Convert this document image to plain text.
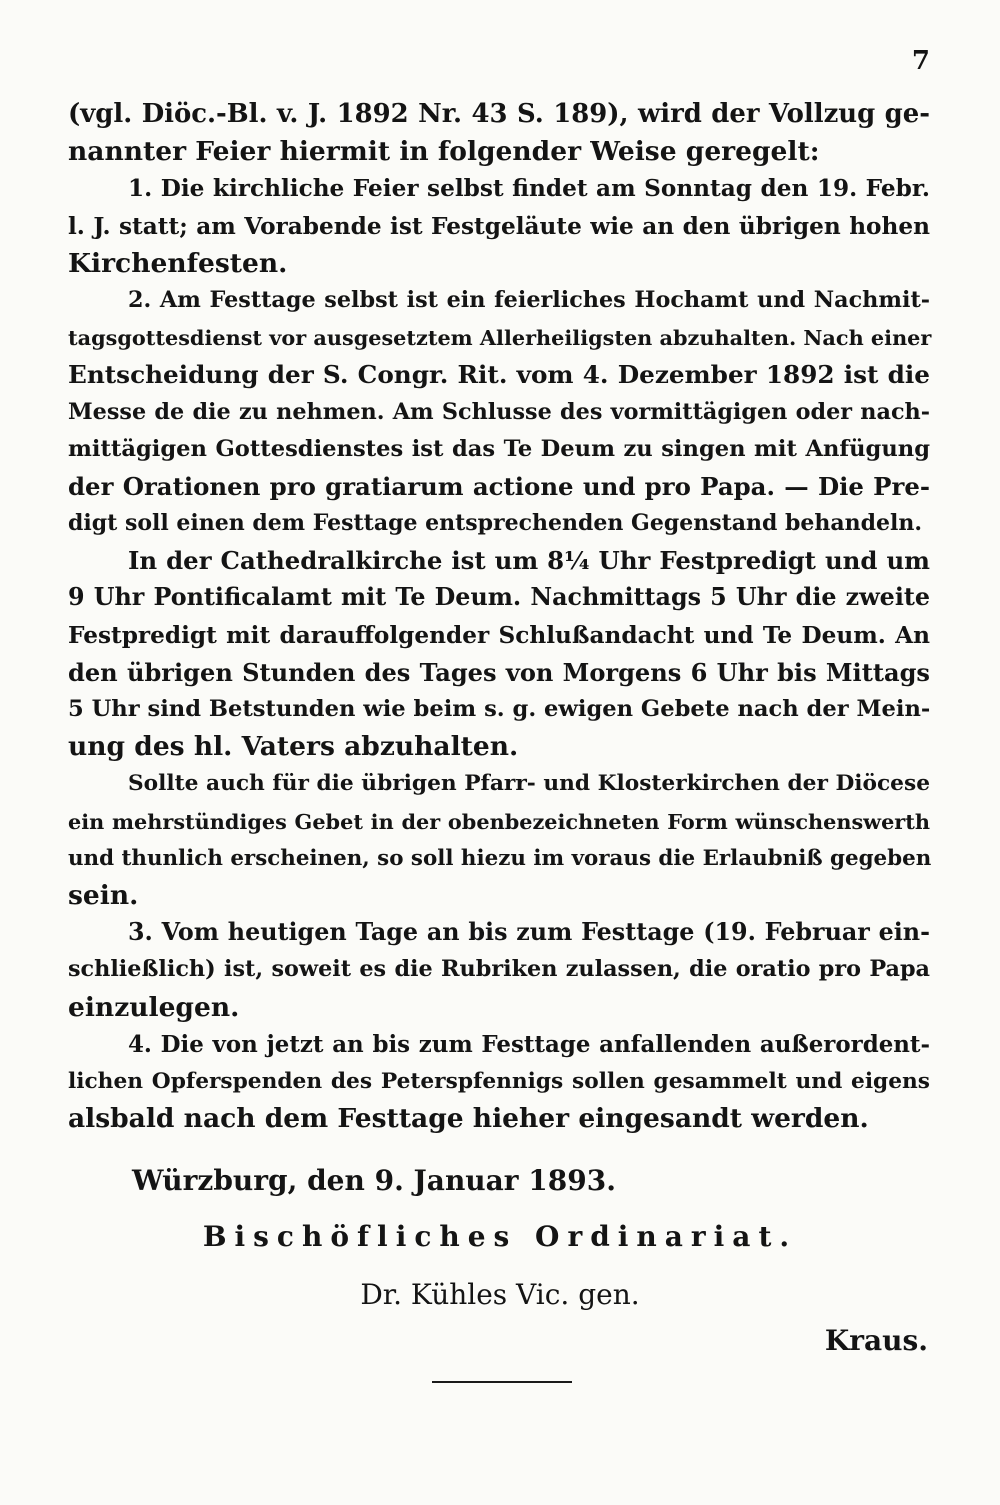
7
(vgl. Diöc.-Bl. v. J. 1892 Nr. 43 S. 189), wird der Vollzug ge-
nannter Feier hiermit in folgender Weise geregelt:
1. Die kirchliche Feier selbst findet am Sonntag den 19. Febr.
l. J. statt; am Vorabende ist Festgeläute wie an den übrigen hohen
Kirchenfesten.
2. Am Festtage selbst ist ein feierliches Hochamt und Nachmit-
tagsgottesdienst vor ausgesetztem Allerheiligsten abzuhalten. Nach einer
Entscheidung der S. Congr. Rit. vom 4. Dezember 1892 ist die
Messe de die zu nehmen. Am Schlusse des vormittägigen oder nach-
mittägigen Gottesdienstes ist das Te Deum zu singen mit Anfügung
der Orationen pro gratiarum actione und pro Papa. — Die Pre-
digt soll einen dem Festtage entsprechenden Gegenstand behandeln.
In der Cathedralkirche ist um 8¼ Uhr Festpredigt und um
9 Uhr Pontificalamt mit Te Deum. Nachmittags 5 Uhr die zweite
Festpredigt mit darauffolgender Schlußandacht und Te Deum. An
den übrigen Stunden des Tages von Morgens 6 Uhr bis Mittags
5 Uhr sind Betstunden wie beim s. g. ewigen Gebete nach der Mein-
ung des hl. Vaters abzuhalten.
Sollte auch für die übrigen Pfarr- und Klosterkirchen der Diöcese
ein mehrstündiges Gebet in der obenbezeichneten Form wünschenswerth
und thunlich erscheinen, so soll hiezu im voraus die Erlaubniß gegeben
sein.
3. Vom heutigen Tage an bis zum Festtage (19. Februar ein-
schließlich) ist, soweit es die Rubriken zulassen, die oratio pro Papa
einzulegen.
4. Die von jetzt an bis zum Festtage anfallenden außerordent-
lichen Opferspenden des Peterspfennigs sollen gesammelt und eigens
alsbald nach dem Festtage hieher eingesandt werden.
Würzburg, den 9. Januar 1893.
Bischöfliches Ordinariat.
Dr. Kühles Vic. gen.
Kraus.
